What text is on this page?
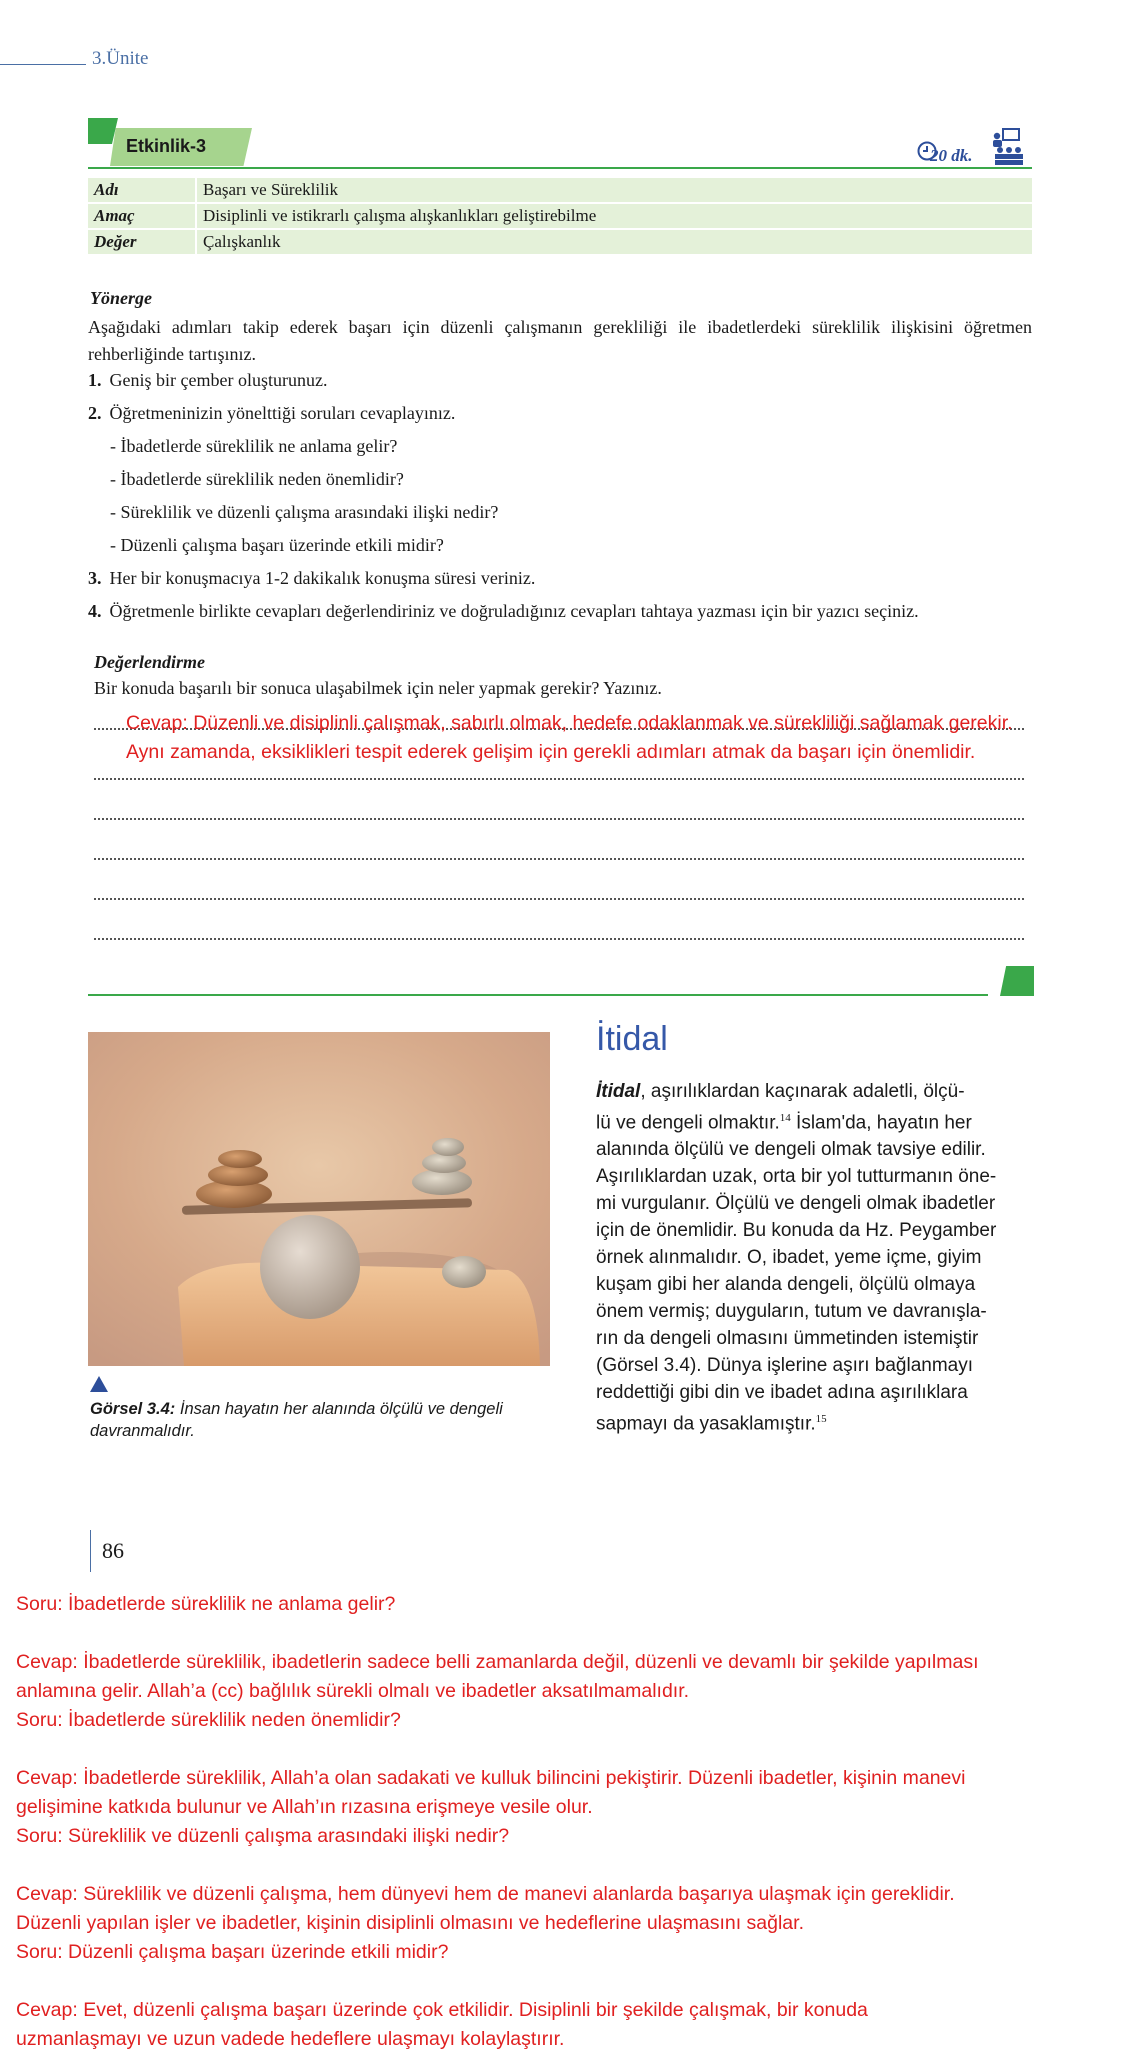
3.Ünite
Etkinlik-3	20 dk.
Adı	Başarı ve Süreklilik
Amaç	Disiplinli ve istikrarlı çalışma alışkanlıkları geliştirebilme
Değer	Çalışkanlık
Yönerge
Aşağıdaki adımları takip ederek başarı için düzenli çalışmanın gerekliliği ile ibadetlerdeki süreklilik ilişkisini öğretmen rehberliğinde tartışınız.
1. Geniş bir çember oluşturunuz.
2. Öğretmeninizin yönelttiği soruları cevaplayınız.
- İbadetlerde süreklilik ne anlama gelir?
- İbadetlerde süreklilik neden önemlidir?
- Süreklilik ve düzenli çalışma arasındaki ilişki nedir?
- Düzenli çalışma başarı üzerinde etkili midir?
3. Her bir konuşmacıya 1-2 dakikalık konuşma süresi veriniz.
4. Öğretmenle birlikte cevapları değerlendiriniz ve doğruladığınız cevapları tahtaya yazması için bir yazıcı seçiniz.
Değerlendirme
Bir konuda başarılı bir sonuca ulaşabilmek için neler yapmak gerekir? Yazınız.
Cevap: Düzenli ve disiplinli çalışmak, sabırlı olmak, hedefe odaklanmak ve sürekliliği sağlamak gerekir.
Aynı zamanda, eksiklikleri tespit ederek gelişim için gerekli adımları atmak da başarı için önemlidir.
Görsel 3.4: İnsan hayatın her alanında ölçülü ve dengeli
davranmalıdır.
İtidal

İtidal, aşırılıklardan kaçınarak adaletli, ölçü-

lü ve dengeli olmaktır.$^{14}$ İslam'da, hayatın her

alanında ölçülü ve dengeli olmak tavsiye edilir.

Aşırılıklardan uzak, orta bir yol tutturmanın öne-

mi vurgulanır. Ölçülü ve dengeli olmak ibadetler

için de önemlidir. Bu konuda da Hz. Peygamber

örnek alınmalıdır. O, ibadet, yeme içme, giyim

kuşam gibi her alanda dengeli, ölçülü olmaya

önem vermiş; duyguların, tutum ve davranışla-

rın da dengeli olmasını ümmetinden istemiştir

(Görsel 3.4). Dünya işlerine aşırı bağlanmayı

reddettiği gibi din ve ibadet adına aşırılıklara

sapmayı da yasaklamıştır.$^{15}$

86
Soru: İbadetlerde süreklilik ne anlama gelir?
Cevap: İbadetlerde süreklilik, ibadetlerin sadece belli zamanlarda değil, düzenli ve devamlı bir şekilde yapılması
anlamına gelir. Allah’a (cc) bağlılık sürekli olmalı ve ibadetler aksatılmamalıdır.
Soru: İbadetlerde süreklilik neden önemlidir?
Cevap: İbadetlerde süreklilik, Allah’a olan sadakati ve kulluk bilincini pekiştirir. Düzenli ibadetler, kişinin manevi
gelişimine katkıda bulunur ve Allah’ın rızasına erişmeye vesile olur.
Soru: Süreklilik ve düzenli çalışma arasındaki ilişki nedir?
Cevap: Süreklilik ve düzenli çalışma, hem dünyevi hem de manevi alanlarda başarıya ulaşmak için gereklidir.
Düzenli yapılan işler ve ibadetler, kişinin disiplinli olmasını ve hedeflerine ulaşmasını sağlar.
Soru: Düzenli çalışma başarı üzerinde etkili midir?
Cevap: Evet, düzenli çalışma başarı üzerinde çok etkilidir. Disiplinli bir şekilde çalışmak, bir konuda
uzmanlaşmayı ve uzun vadede hedeflere ulaşmayı kolaylaştırır.
